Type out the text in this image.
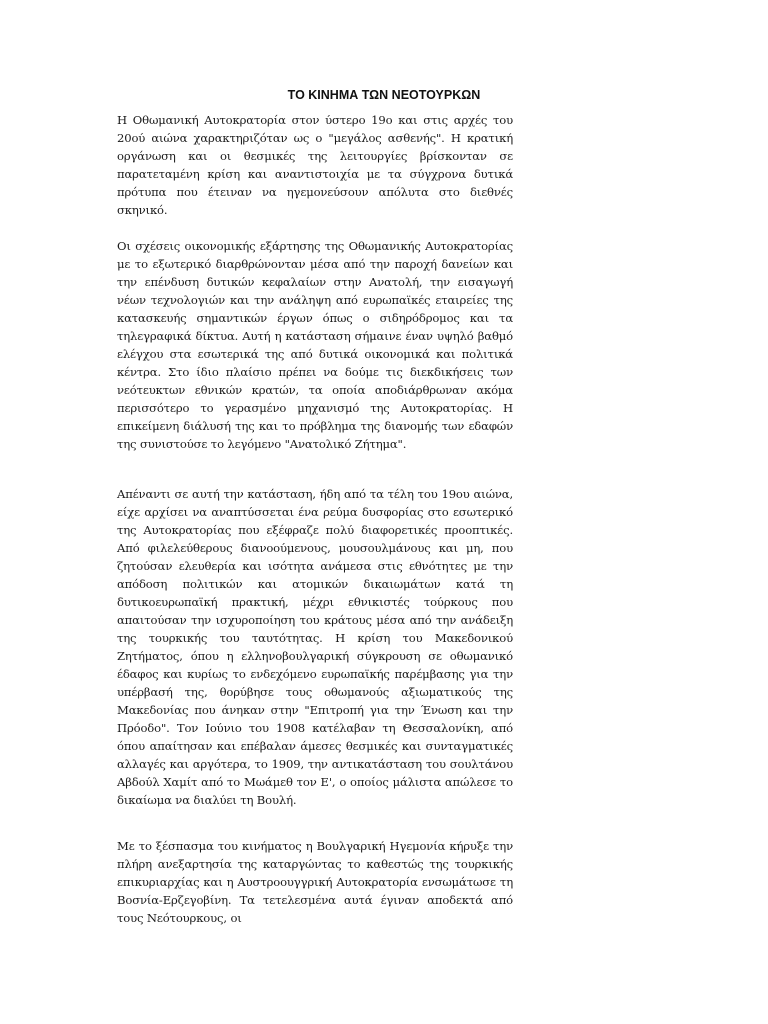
ΤΟ ΚΙΝΗΜΑ ΤΩΝ ΝΕΟΤΟΥΡΚΩΝ

Η Οθωμανική Αυτοκρατορία στον ύστερο 19ο και στις αρχές του 20ού αιώνα χαρακτηριζόταν ως ο "μεγάλος ασθενής". Η κρατική οργάνωση και οι θεσμικές της λειτουργίες βρίσκονταν σε παρατεταμένη κρίση και αναντιστοιχία με τα σύγχρονα δυτικά πρότυπα που έτειναν να ηγεμονεύσουν απόλυτα στο διεθνές σκηνικό.

Οι σχέσεις οικονομικής εξάρτησης της Οθωμανικής Αυτοκρατορίας με το εξωτερικό διαρθρώνονταν μέσα από την παροχή δανείων και την επένδυση δυτικών κεφαλαίων στην Ανατολή, την εισαγωγή νέων τεχνολογιών και την ανάληψη από ευρωπαϊκές εταιρείες της κατασκευής σημαντικών έργων όπως ο σιδηρόδρομος και τα τηλεγραφικά δίκτυα. Αυτή η κατάσταση σήμαινε έναν υψηλό βαθμό ελέγχου στα εσωτερικά της από δυτικά οικονομικά και πολιτικά κέντρα. Στο ίδιο πλαίσιο πρέπει να δούμε τις διεκδικήσεις των νεότευκτων εθνικών κρατών, τα οποία αποδιάρθρωναν ακόμα περισσότερο το γερασμένο μηχανισμό της Αυτοκρατορίας. Η επικείμενη διάλυσή της και το πρόβλημα της διανομής των εδαφών της συνιστούσε το λεγόμενο "Ανατολικό Ζήτημα".

Απέναντι σε αυτή την κατάσταση, ήδη από τα τέλη του 19ου αιώνα, είχε αρχίσει να αναπτύσσεται ένα ρεύμα δυσφορίας στο εσωτερικό της Αυτοκρατορίας που εξέφραζε πολύ διαφορετικές προοπτικές. Από φιλελεύθερους διανοούμενους, μουσουλμάνους και μη, που ζητούσαν ελευθερία και ισότητα ανάμεσα στις εθνότητες με την απόδοση πολιτικών και ατομικών δικαιωμάτων κατά τη δυτικοευρωπαϊκή πρακτική, μέχρι εθνικιστές τούρκους που απαιτούσαν την ισχυροποίηση του κράτους μέσα από την ανάδειξη της τουρκικής του ταυτότητας. Η κρίση του Μακεδονικού Ζητήματος, όπου η ελληνοβουλγαρική σύγκρουση σε οθωμανικό έδαφος και κυρίως το ενδεχόμενο ευρωπαϊκής παρέμβασης για την υπέρβασή της, θορύβησε τους οθωμανούς αξιωματικούς της Μακεδονίας που άνηκαν στην "Επιτροπή για την Ένωση και την Πρόοδο". Τον Ιούνιο του 1908 κατέλαβαν τη Θεσσαλονίκη, από όπου απαίτησαν και επέβαλαν άμεσες θεσμικές και συνταγματικές αλλαγές και αργότερα, το 1909, την αντικατάσταση του σουλτάνου Αβδούλ Χαμίτ από το Μωάμεθ τον Ε', ο οποίος μάλιστα απώλεσε το δικαίωμα να διαλύει τη Βουλή.

Με το ξέσπασμα του κινήματος η Βουλγαρική Ηγεμονία κήρυξε την πλήρη ανεξαρτησία της καταργώντας το καθεστώς της τουρκικής επικυριαρχίας και η Αυστροουγγρική Αυτοκρατορία ενσωμάτωσε τη Βοσνία-Ερζεγοβίνη. Τα τετελεσμένα αυτά έγιναν αποδεκτά από τους Νεότουρκους, οι
